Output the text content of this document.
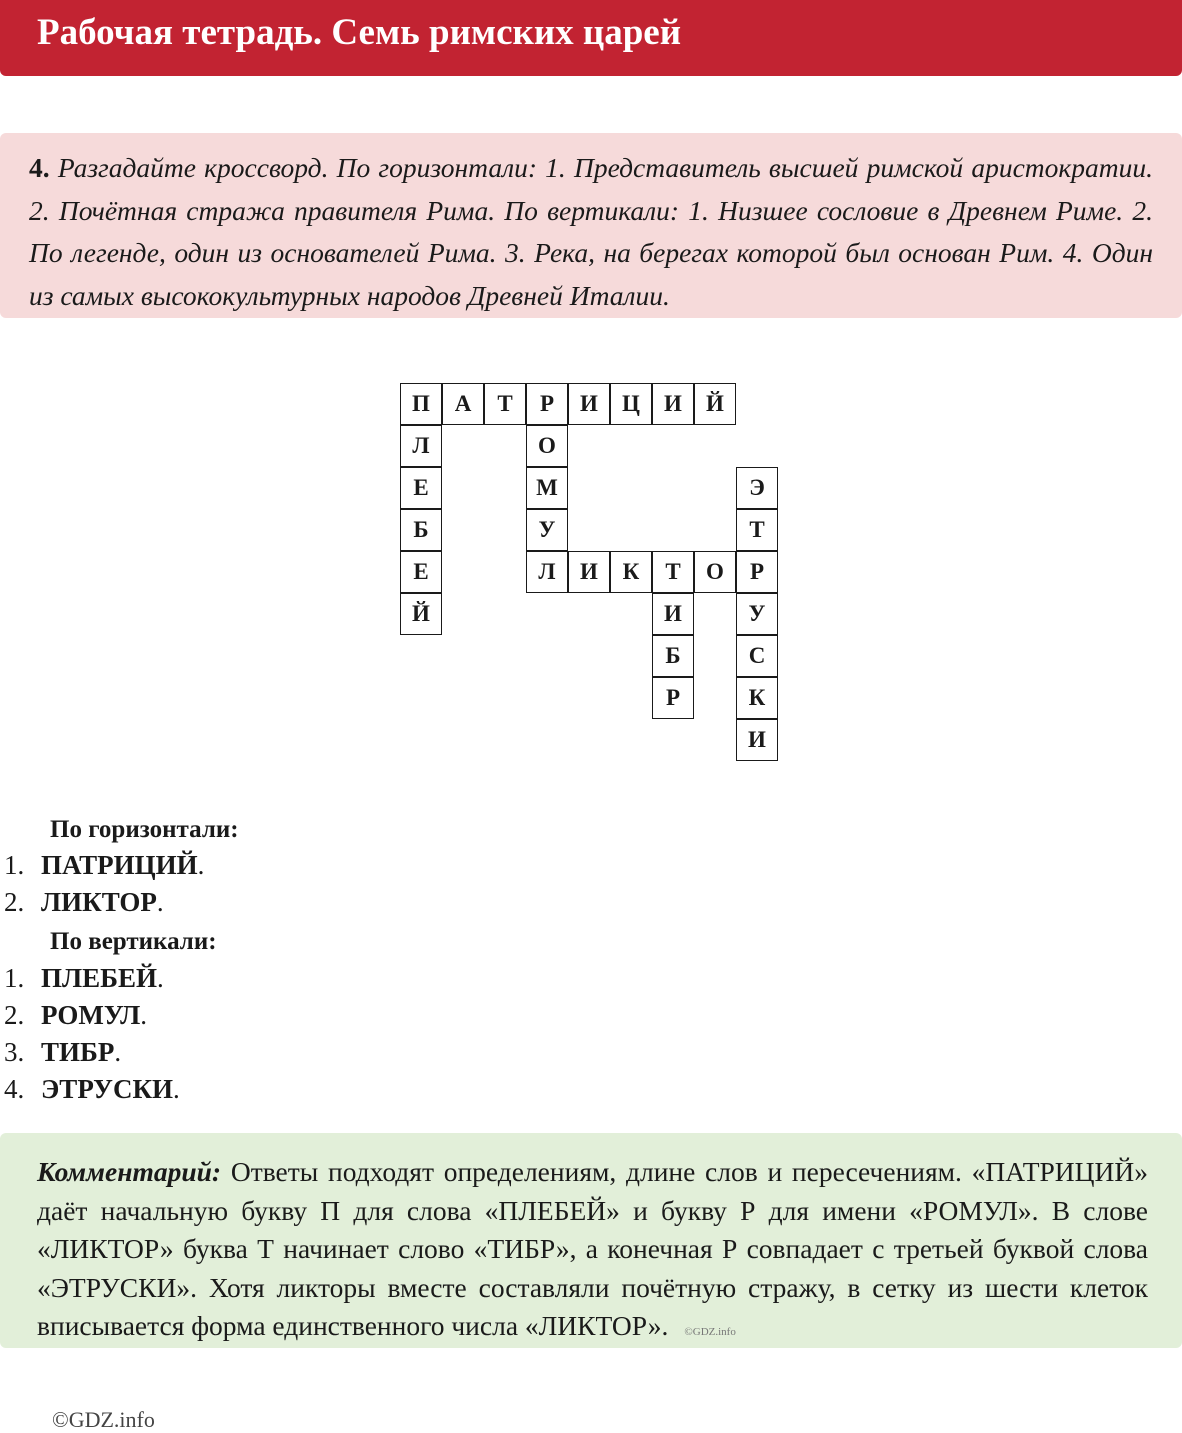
Рабочая тетрадь. Семь римских царей
4. Разгадайте кроссворд. По горизонтали: 1. Представитель высшей римской аристократии. 2. Почётная стража правителя Рима. По вертикали: 1. Низшее сословие в Древнем Риме. 2. По легенде, один из основателей Рима. 3. Река, на берегах которой был основан Рим. 4. Один из самых высококультурных народов Древней Италии.
П	А	Т	Р	И	Ц	И	Й
Л
Е
Б
Е
Й
О
М
У
Л	И	К	Т	О	Р
И
Б
Р
Э
Т
У
С
К
И
По горизонтали:
1. ПАТРИЦИЙ.
2. ЛИКТОР.
По вертикали:
1. ПЛЕБЕЙ.
2. РОМУЛ.
3. ТИБР.
4. ЭТРУСКИ.
Комментарий: Ответы подходят определениям, длине слов и пересечениям. «ПАТРИЦИЙ» даёт начальную букву П для слова «ПЛЕБЕЙ» и букву Р для имени «РОМУЛ». В слове «ЛИКТОР» буква Т начинает слово «ТИБР», а конечная Р совпадает с третьей буквой слова «ЭТРУСКИ». Хотя ликторы вместе составляли почётную стражу, в сетку из шести клеток вписывается форма единственного числа «ЛИКТОР». ©GDZ.info
©GDZ.info
